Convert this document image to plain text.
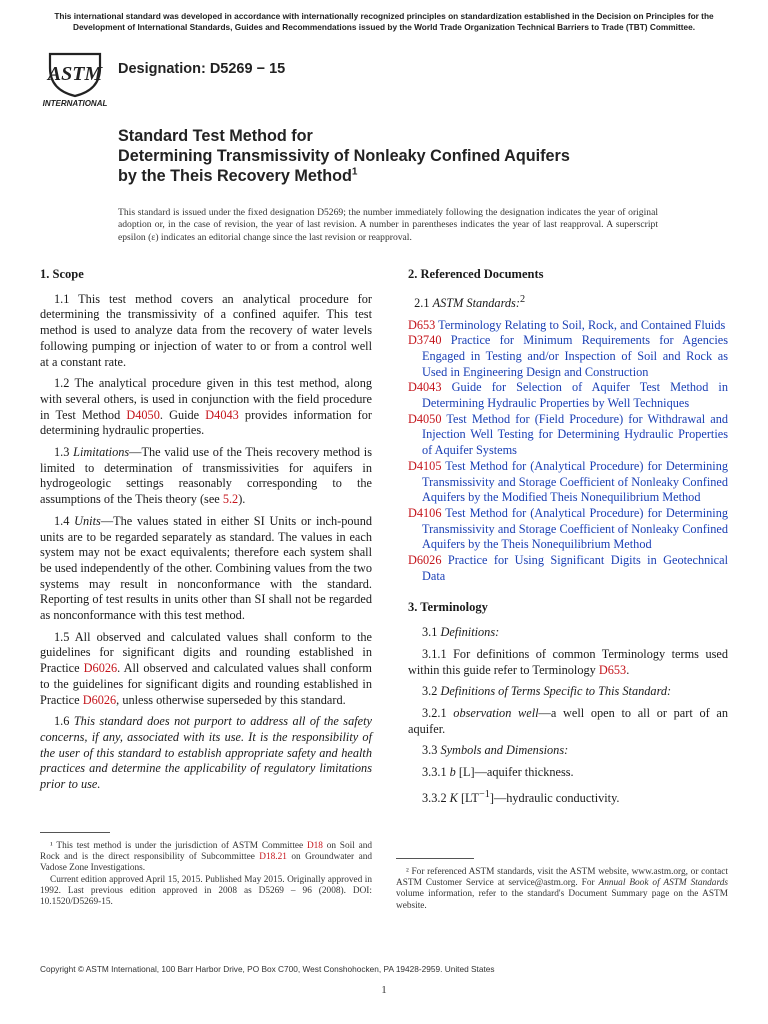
This international standard was developed in accordance with internationally recognized principles on standardization established in the Decision on Principles for the Development of International Standards, Guides and Recommendations issued by the World Trade Organization Technical Barriers to Trade (TBT) Committee.
ASTM
INTERNATIONAL
Designation: D5269 − 15
Standard Test Method for
Determining Transmissivity of Nonleaky Confined Aquifers
by the Theis Recovery Method$^1$
This standard is issued under the fixed designation D5269; the number immediately following the designation indicates the year of original adoption or, in the case of revision, the year of last revision. A number in parentheses indicates the year of last reapproval. A superscript epsilon (ε) indicates an editorial change since the last revision or reapproval.
1. Scope

1.1 This test method covers an analytical procedure for determining the transmissivity of a confined aquifer. This test method is used to analyze data from the recovery of water levels following pumping or injection of water to or from a control well at a constant rate.

1.2 The analytical procedure given in this test method, along with several others, is used in conjunction with the field procedure in Test Method D4050. Guide D4043 provides information for determining hydraulic properties.

1.3 Limitations—The valid use of the Theis recovery method is limited to determination of transmissivities for aquifers in hydrogeologic settings reasonably corresponding to the assumptions of the Theis theory (see 5.2).

1.4 Units—The values stated in either SI Units or inch-pound units are to be regarded separately as standard. The values in each system may not be exact equivalents; therefore each system shall be used independently of the other. Combining values from the two systems may result in nonconformance with the standard. Reporting of test results in units other than SI shall not be regarded as nonconformance with this test method.

1.5 All observed and calculated values shall conform to the guidelines for significant digits and rounding established in Practice D6026. All observed and calculated values shall conform to the guidelines for significant digits and rounding established in Practice D6026, unless otherwise superseded by this standard.

1.6 This standard does not purport to address all of the safety concerns, if any, associated with its use. It is the responsibility of the user of this standard to establish appropriate safety and health practices and determine the applicability of regulatory limitations prior to use.

2. Referenced Documents

2.1 ASTM Standards:$^2$

D653 Terminology Relating to Soil, Rock, and Contained Fluids
D3740 Practice for Minimum Requirements for Agencies Engaged in Testing and/or Inspection of Soil and Rock as Used in Engineering Design and Construction
D4043 Guide for Selection of Aquifer Test Method in Determining Hydraulic Properties by Well Techniques
D4050 Test Method for (Field Procedure) for Withdrawal and Injection Well Testing for Determining Hydraulic Properties of Aquifer Systems
D4105 Test Method for (Analytical Procedure) for Determining Transmissivity and Storage Coefficient of Nonleaky Confined Aquifers by the Modified Theis Nonequilibrium Method
D4106 Test Method for (Analytical Procedure) for Determining Transmissivity and Storage Coefficient of Nonleaky Confined Aquifers by the Theis Nonequilibrium Method
D6026 Practice for Using Significant Digits in Geotechnical Data
3. Terminology

3.1 Definitions:

3.1.1 For definitions of common Terminology terms used within this guide refer to Terminology D653.

3.2 Definitions of Terms Specific to This Standard:

3.2.1 observation well—a well open to all or part of an aquifer.

3.3 Symbols and Dimensions:

3.3.1 b [L]—aquifer thickness.

3.3.2 K $[LT^{-1}]—hydraulic$ conductivity.

¹ This test method is under the jurisdiction of ASTM Committee D18 on Soil and Rock and is the direct responsibility of Subcommittee D18.21 on Groundwater and Vadose Zone Investigations.

Current edition approved April 15, 2015. Published May 2015. Originally approved in 1992. Last previous edition approved in 2008 as D5269 – 96 (2008). DOI: 10.1520/D5269-15.

² For referenced ASTM standards, visit the ASTM website, www.astm.org, or contact ASTM Customer Service at service@astm.org. For Annual Book of ASTM Standards volume information, refer to the standard's Document Summary page on the ASTM website.

Copyright © ASTM International, 100 Barr Harbor Drive, PO Box C700, West Conshohocken, PA 19428-2959. United States
1
